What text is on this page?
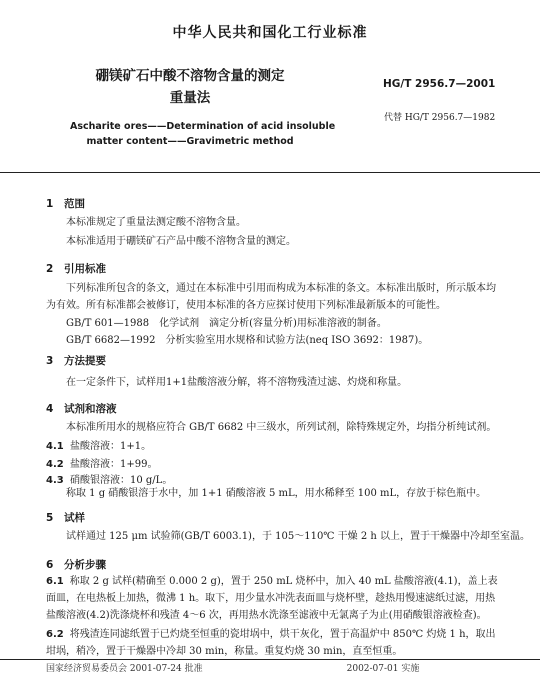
中华人民共和国化工行业标准
硼镁矿石中酸不溶物含量的测定
重量法
HG/T 2956.7—2001
代替 HG/T 2956.7—1982
Ascharite ores——Determination of acid insoluble
matter content——Gravimetric method
1 范围
本标准规定了重量法测定酸不溶物含量。
本标准适用于硼镁矿石产品中酸不溶物含量的测定。
2 引用标准
下列标准所包含的条文，通过在本标准中引用而构成为本标准的条文。本标准出版时，所示版本均
为有效。所有标准都会被修订，使用本标准的各方应探讨使用下列标准最新版本的可能性。
GB/T 601—1988　化学试剂　滴定分析(容量分析)用标准溶液的制备。
GB/T 6682—1992　分析实验室用水规格和试验方法(neq ISO 3692：1987)。
3 方法提要
在一定条件下，试样用1+1盐酸溶液分解，将不溶物残渣过滤、灼烧和称量。
4 试剂和溶液
本标准所用水的规格应符合 GB/T 6682 中三级水，所列试剂，除特殊规定外，均指分析纯试剂。
4.1 盐酸溶液：1+1。
4.2 盐酸溶液：1+99。
4.3 硝酸银溶液：10 g/L。
称取 1 g 硝酸银溶于水中，加 1+1 硝酸溶液 5 mL，用水稀释至 100 mL，存放于棕色瓶中。
5 试样
试样通过 125 μm 试验筛(GB/T 6003.1)，于 105～110℃ 干燥 2 h 以上，置于干燥器中冷却至室温。
6 分析步骤
6.1 称取 2 g 试样(精确至 0.000 2 g)，置于 250 mL 烧杯中，加入 40 mL 盐酸溶液(4.1)，盖上表面皿，在电热板上加热，微沸 1 h。取下，用少量水冲洗表面皿与烧杯壁，趁热用慢速滤纸过滤，用热盐酸溶液(4.2)洗涤烧杯和残渣 4～6 次，再用热水洗涤至滤液中无氯离子为止(用硝酸银溶液检查)。
6.2 将残渣连同滤纸置于已灼烧至恒重的瓷坩埚中，烘干灰化，置于高温炉中 850℃ 灼烧 1 h，取出坩埚，稍冷，置于干燥器中冷却 30 min，称量。重复灼烧 30 min，直至恒重。
国家经济贸易委员会 2001-07-24 批准　　　　　　　　　　　　　　　　2002-07-01 实施
